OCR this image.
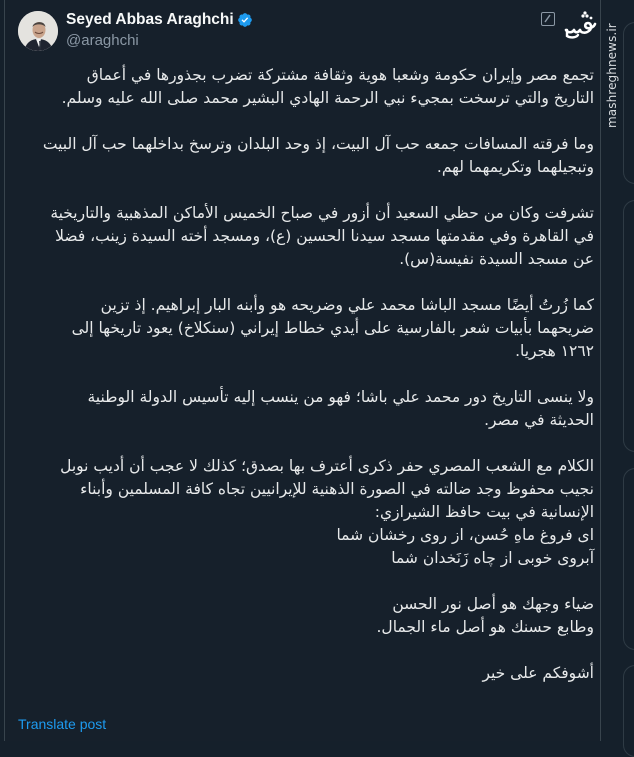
mashreghnews.ir
Seyed Abbas Araghchi
@araghchi

تجمع مصر وإيران حكومة وشعبا هوية وثقافة مشتركة تضرب بجذورها في أعماق
التاريخ والتي ترسخت بمجيء نبي الرحمة الهادي البشير محمد صلى الله عليه وسلم.

وما فرقته المسافات جمعه حب آل البيت، إذ وحد البلدان وترسخ بداخلهما حب آل البيت
وتبجيلهما وتكريمهما لهم.

تشرفت وكان من حظي السعيد أن أزور في صباح الخميس الأماكن المذهبية والتاريخية
في القاهرة وفي مقدمتها مسجد سيدنا الحسين (ع)، ومسجد أخته السيدة زينب، فضلا
عن مسجد السيدة نفيسة(س).

كما زُرتُ أيضًا مسجد الباشا محمد علي وضريحه هو وأبنه البار إبراهيم. إذ تزين
ضريحهما بأبيات شعر بالفارسية على أيدي خطاط إيراني (سنكلاخ) يعود تاريخها إلى
١٢٦٢ هجريا.

ولا ينسى التاريخ دور محمد علي باشا؛ فهو من ينسب إليه تأسيس الدولة الوطنية
الحديثة في مصر.

الكلام مع الشعب المصري حفر ذكرى أعترف بها بصدق؛ كذلك لا عجب أن أديب نوبل
نجيب محفوظ وجد ضالته في الصورة الذهنية للإيرانيين تجاه كافة المسلمين وأبناء
الإنسانية في بيت حافظ الشيرازي:
ای فروغ ماهِ حُسن، از روی رخشان شما
آبروی خوبی از چاه زَنَخدان شما

ضياء وجهك هو أصل نور الحسن
وطابع حسنك هو أصل ماء الجمال.

أشوفكم على خير

Translate post
